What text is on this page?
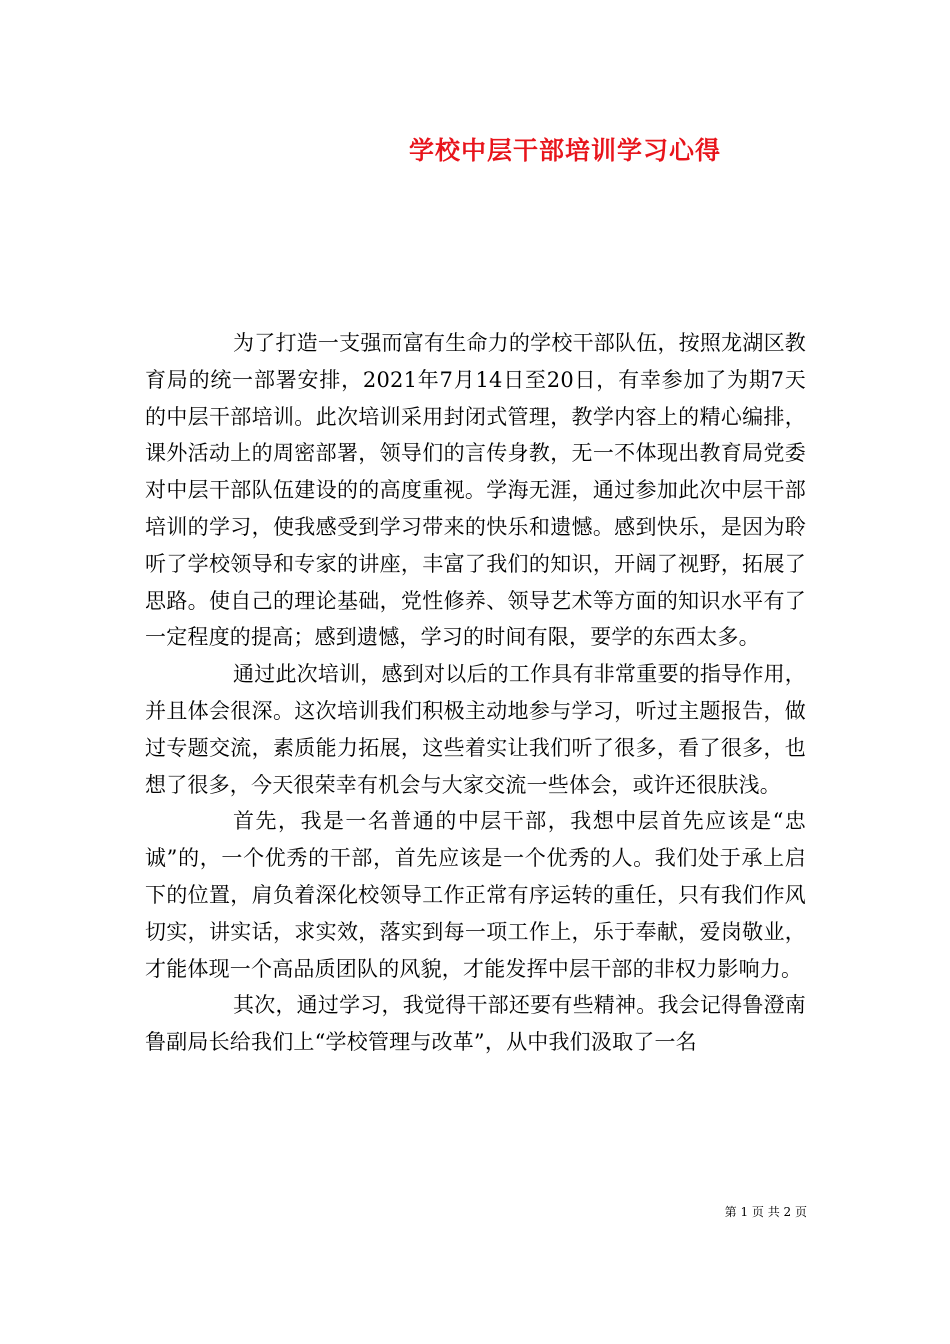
学校中层干部培训学习心得

为了打造一支强而富有生命力的学校干部队伍，按照龙湖区教育局的统一部署安排，2021年7月14日至20日，有幸参加了为期7天的中层干部培训。此次培训采用封闭式管理，教学内容上的精心编排，课外活动上的周密部署，领导们的言传身教，无一不体现出教育局党委对中层干部队伍建设的的高度重视。学海无涯，通过参加此次中层干部培训的学习，使我感受到学习带来的快乐和遗憾。感到快乐，是因为聆听了学校领导和专家的讲座，丰富了我们的知识，开阔了视野，拓展了思路。使自己的理论基础，党性修养、领导艺术等方面的知识水平有了一定程度的提高；感到遗憾，学习的时间有限，要学的东西太多。

通过此次培训，感到对以后的工作具有非常重要的指导作用，并且体会很深。这次培训我们积极主动地参与学习，听过主题报告，做过专题交流，素质能力拓展，这些着实让我们听了很多，看了很多，也想了很多，今天很荣幸有机会与大家交流一些体会，或许还很肤浅。

首先，我是一名普通的中层干部，我想中层首先应该是“忠诚”的，一个优秀的干部，首先应该是一个优秀的人。我们处于承上启下的位置，肩负着深化校领导工作正常有序运转的重任，只有我们作风切实，讲实话，求实效，落实到每一项工作上，乐于奉献，爱岗敬业，才能体现一个高品质团队的风貌，才能发挥中层干部的非权力影响力。

其次，通过学习，我觉得干部还要有些精神。我会记得鲁澄南鲁副局长给我们上“学校管理与改革”，从中我们汲取了一名

第 1 页 共 2 页
